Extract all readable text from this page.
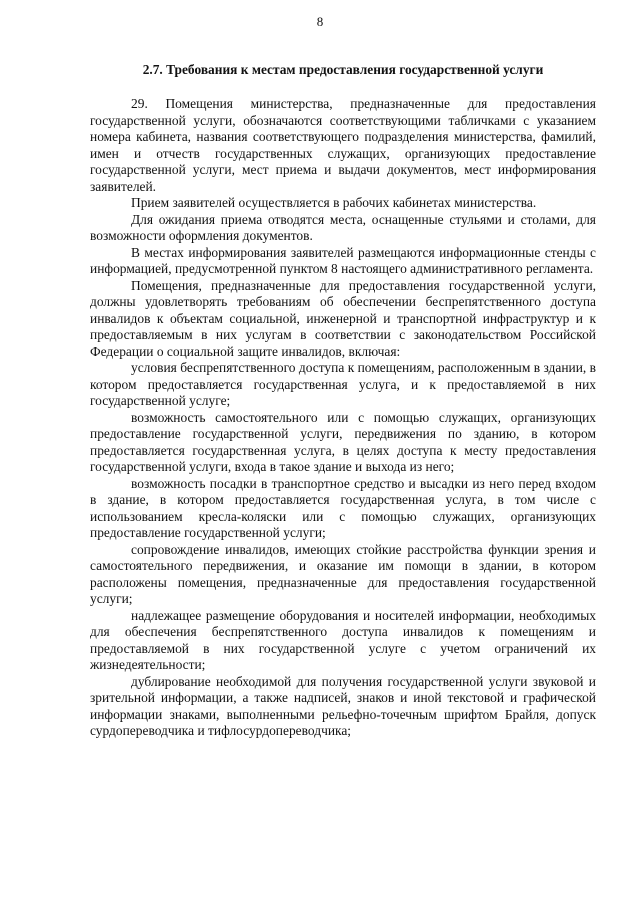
8
2.7. Требования к местам предоставления государственной услуги

29. Помещения министерства, предназначенные для предоставления государственной услуги, обозначаются соответствующими табличками с указанием номера кабинета, названия соответствующего подразделения министерства, фамилий, имен и отчеств государственных служащих, организующих предоставление государственной услуги, мест приема и выдачи документов, мест информирования заявителей.

Прием заявителей осуществляется в рабочих кабинетах министерства.

Для ожидания приема отводятся места, оснащенные стульями и столами, для возможности оформления документов.

В местах информирования заявителей размещаются информационные стенды с информацией, предусмотренной пунктом 8 настоящего административного регламента.

Помещения, предназначенные для предоставления государственной услуги, должны удовлетворять требованиям об обеспечении беспрепятственного доступа инвалидов к объектам социальной, инженерной и транспортной инфраструктур и к предоставляемым в них услугам в соответствии с законодательством Российской Федерации о социальной защите инвалидов, включая:

условия беспрепятственного доступа к помещениям, расположенным в здании, в котором предоставляется государственная услуга, и к предоставляемой в них государственной услуге;

возможность самостоятельного или с помощью служащих, организующих предоставление государственной услуги, передвижения по зданию, в котором предоставляется государственная услуга, в целях доступа к месту предоставления государственной услуги, входа в такое здание и выхода из него;

возможность посадки в транспортное средство и высадки из него перед входом в здание, в котором предоставляется государственная услуга, в том числе с использованием кресла-коляски или с помощью служащих, организующих предоставление государственной услуги;

сопровождение инвалидов, имеющих стойкие расстройства функции зрения и самостоятельного передвижения, и оказание им помощи в здании, в котором расположены помещения, предназначенные для предоставления государственной услуги;

надлежащее размещение оборудования и носителей информации, необходимых для обеспечения беспрепятственного доступа инвалидов к помещениям и предоставляемой в них государственной услуге с учетом ограничений их жизнедеятельности;

дублирование необходимой для получения государственной услуги звуковой и зрительной информации, а также надписей, знаков и иной текстовой и графической информации знаками, выполненными рельефно-точечным шрифтом Брайля, допуск сурдопереводчика и тифлосурдопереводчика;
